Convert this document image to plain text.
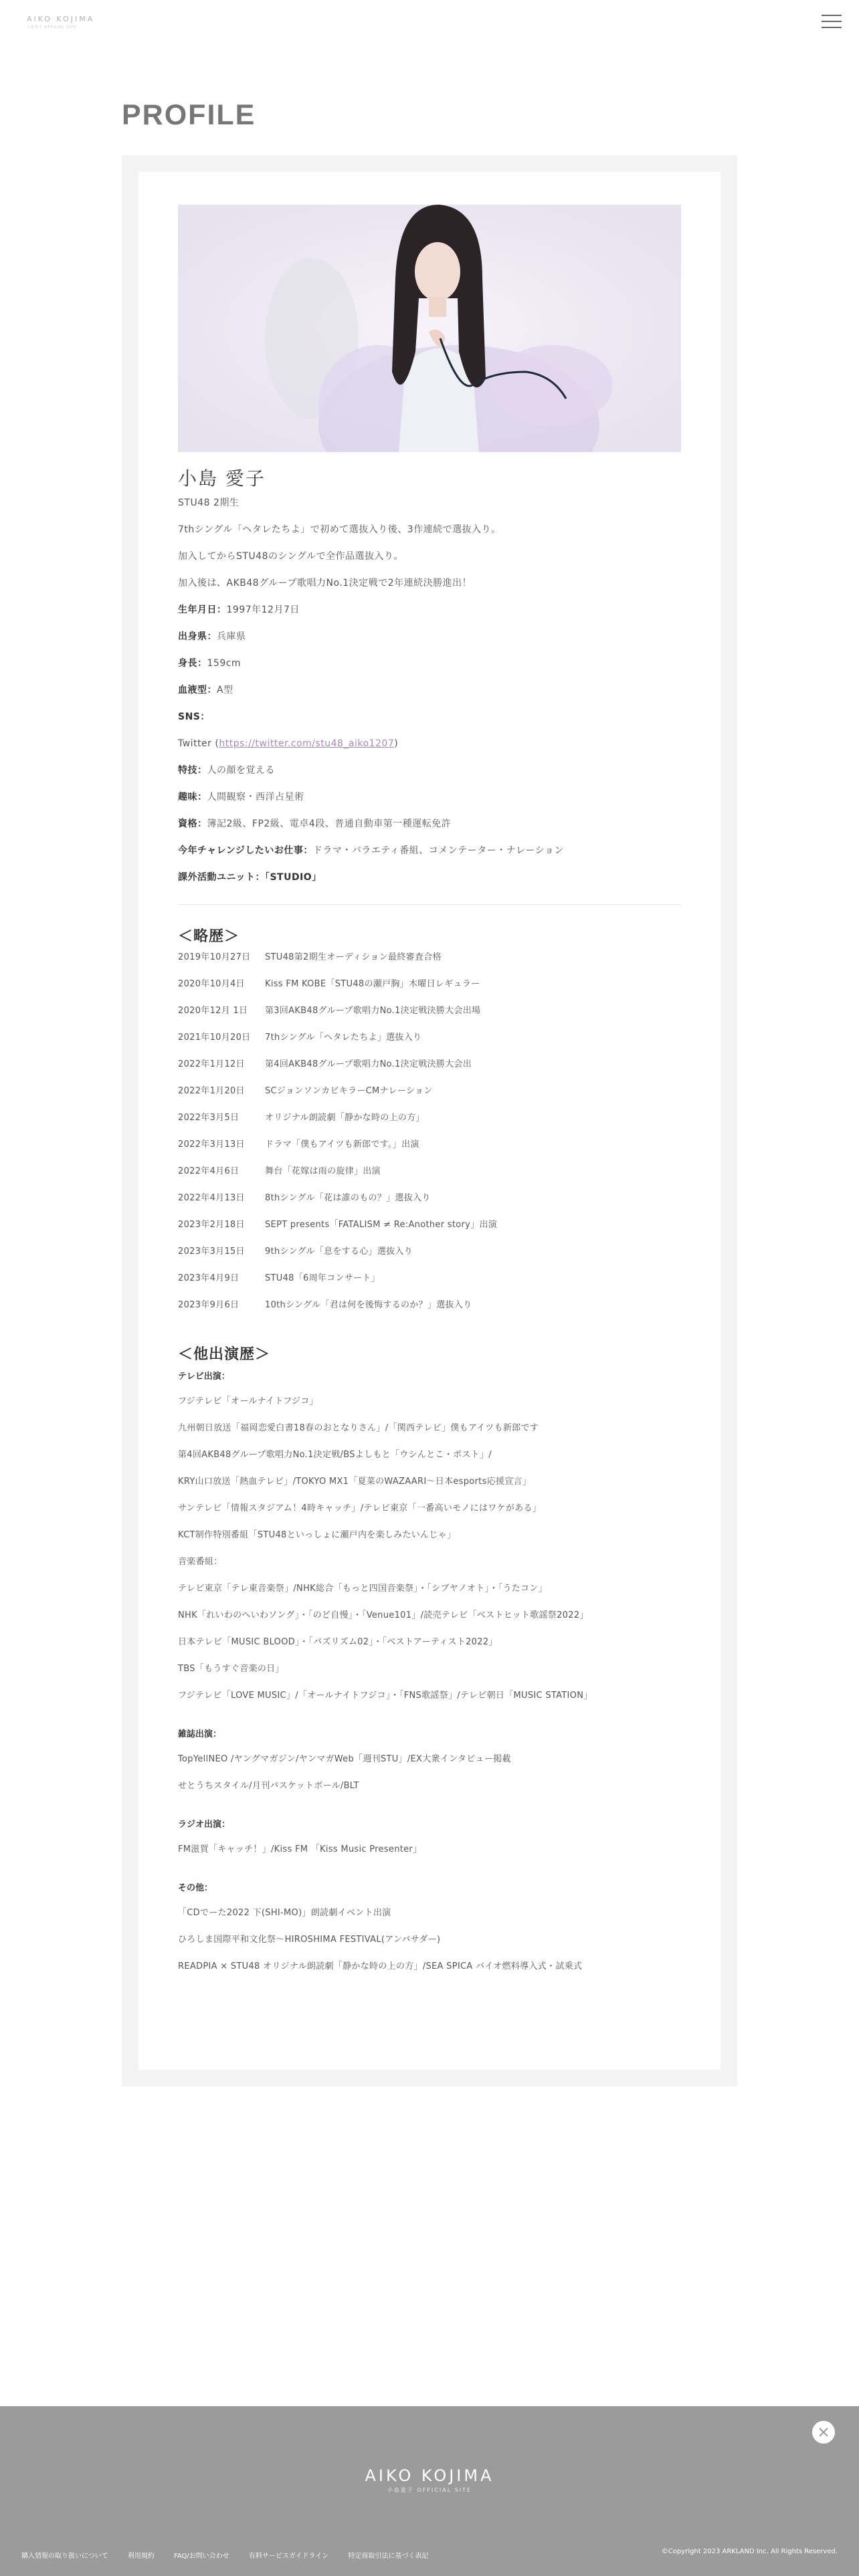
AIKO KOJIMA
小島愛子 OFFICIAL SITE
PROFILE
小島 愛子

STU48 2期生

7thシングル「ヘタレたちよ」で初めて選抜入り後、3作連続で選抜入り。

加入してからSTU48のシングルで全作品選抜入り。

加入後は、AKB48グループ歌唱力No.1決定戦で2年連続決勝進出！

生年月日：1997年12月7日

出身県：兵庫県

身長：159cm

血液型：A型

SNS：

Twitter (https://twitter.com/stu48_aiko1207)

特技：人の顔を覚える

趣味：人間観察・西洋占星術

資格：簿記2級、FP2級、電卓4段、普通自動車第一種運転免許

今年チャレンジしたいお仕事：ドラマ・バラエティ番組、コメンテーター・ナレーション

課外活動ユニット：「STUDIO」

＜略歴＞

2019年10月27日 STU48第2期生オーディション最終審査合格

2020年10月4日 Kiss FM KOBE「STU48の瀬戸胸」木曜日レギュラー

2020年12月 1日 第3回AKB48グループ歌唱力No.1決定戦決勝大会出場

2021年10月20日 7thシングル「ヘタレたちよ」選抜入り

2022年1月12日 第4回AKB48グループ歌唱力No.1決定戦決勝大会出

2022年1月20日 SCジョンソンカビキラーCMナレーション

2022年3月5日	オリジナル朗読劇「静かな時の上の方」

2022年3月13日 ドラマ「僕もアイツも新郎です。」出演

2022年4月6日	舞台「花嫁は雨の旋律」出演

2022年4月13日 8thシングル「花は誰のもの？」選抜入り

2023年2月18日 SEPT presents「FATALISM ≠ Re:Another story」出演

2023年3月15日 9thシングル「息をする心」選抜入り

2023年4月9日	STU48「6周年コンサート」

2023年9月6日	10thシングル「君は何を後悔するのか？」選抜入り

＜他出演歴＞

テレビ出演：

フジテレビ「オールナイトフジコ」

九州朝日放送「福岡恋愛白書18春のおとなりさん」/「関西テレビ」僕もアイツも新郎です

第4回AKB48グループ歌唱力No.1決定戦/BSよしもと「ウシんとこ・ポスト」/

KRY山口放送「熱血テレビ」/TOKYO MX1「夏菜のWAZAARI〜日本esports応援宣言」

サンテレビ「情報スタジアム！4時キャッチ」/テレビ東京「一番高いモノにはワケがある」

KCT制作特別番組「STU48といっしょに瀬戸内を楽しみたいんじゃ」

音楽番組：

テレビ東京「テレ東音楽祭」/NHK総合「もっと四国音楽祭」・「シブヤノオト」・「うたコン」

NHK「れいわのへいわソング」・「のど自慢」・「Venue101」/読売テレビ「ベストヒット歌謡祭2022」

日本テレビ「MUSIC BLOOD」・「バズリズム02」・「ベストアーティスト2022」

TBS「もうすぐ音楽の日」

フジテレビ「LOVE MUSIC」/「オールナイトフジコ」・「FNS歌謡祭」/テレビ朝日「MUSIC STATION」

雑誌出演：

TopYellNEO /ヤングマガジン/ヤンマガWeb「週刊STU」/EX大衆インタビュー掲載

せとうちスタイル/月刊バスケットボール/BLT

ラジオ出演：

FM滋賀「キャッチ！」/Kiss FM 「Kiss Music Presenter」

その他：

「CDでーた2022 下(SHI-MO)」朗読劇イベント出演

ひろしま国際平和文化祭〜HIROSHIMA FESTIVAL(アンバサダー)

READPIA × STU48 オリジナル朗読劇「静かな時の上の方」/SEA SPICA バイオ燃料導入式・試乗式

AIKO KOJIMA
小島愛子 OFFICIAL SITE
購入情報の取り扱いについて	利用規約	FAQ/お問い合わせ	有料サービスガイドライン	特定商取引法に基づく表記
©Copyright 2023 ARKLAND Inc. All Rights Reserved.
